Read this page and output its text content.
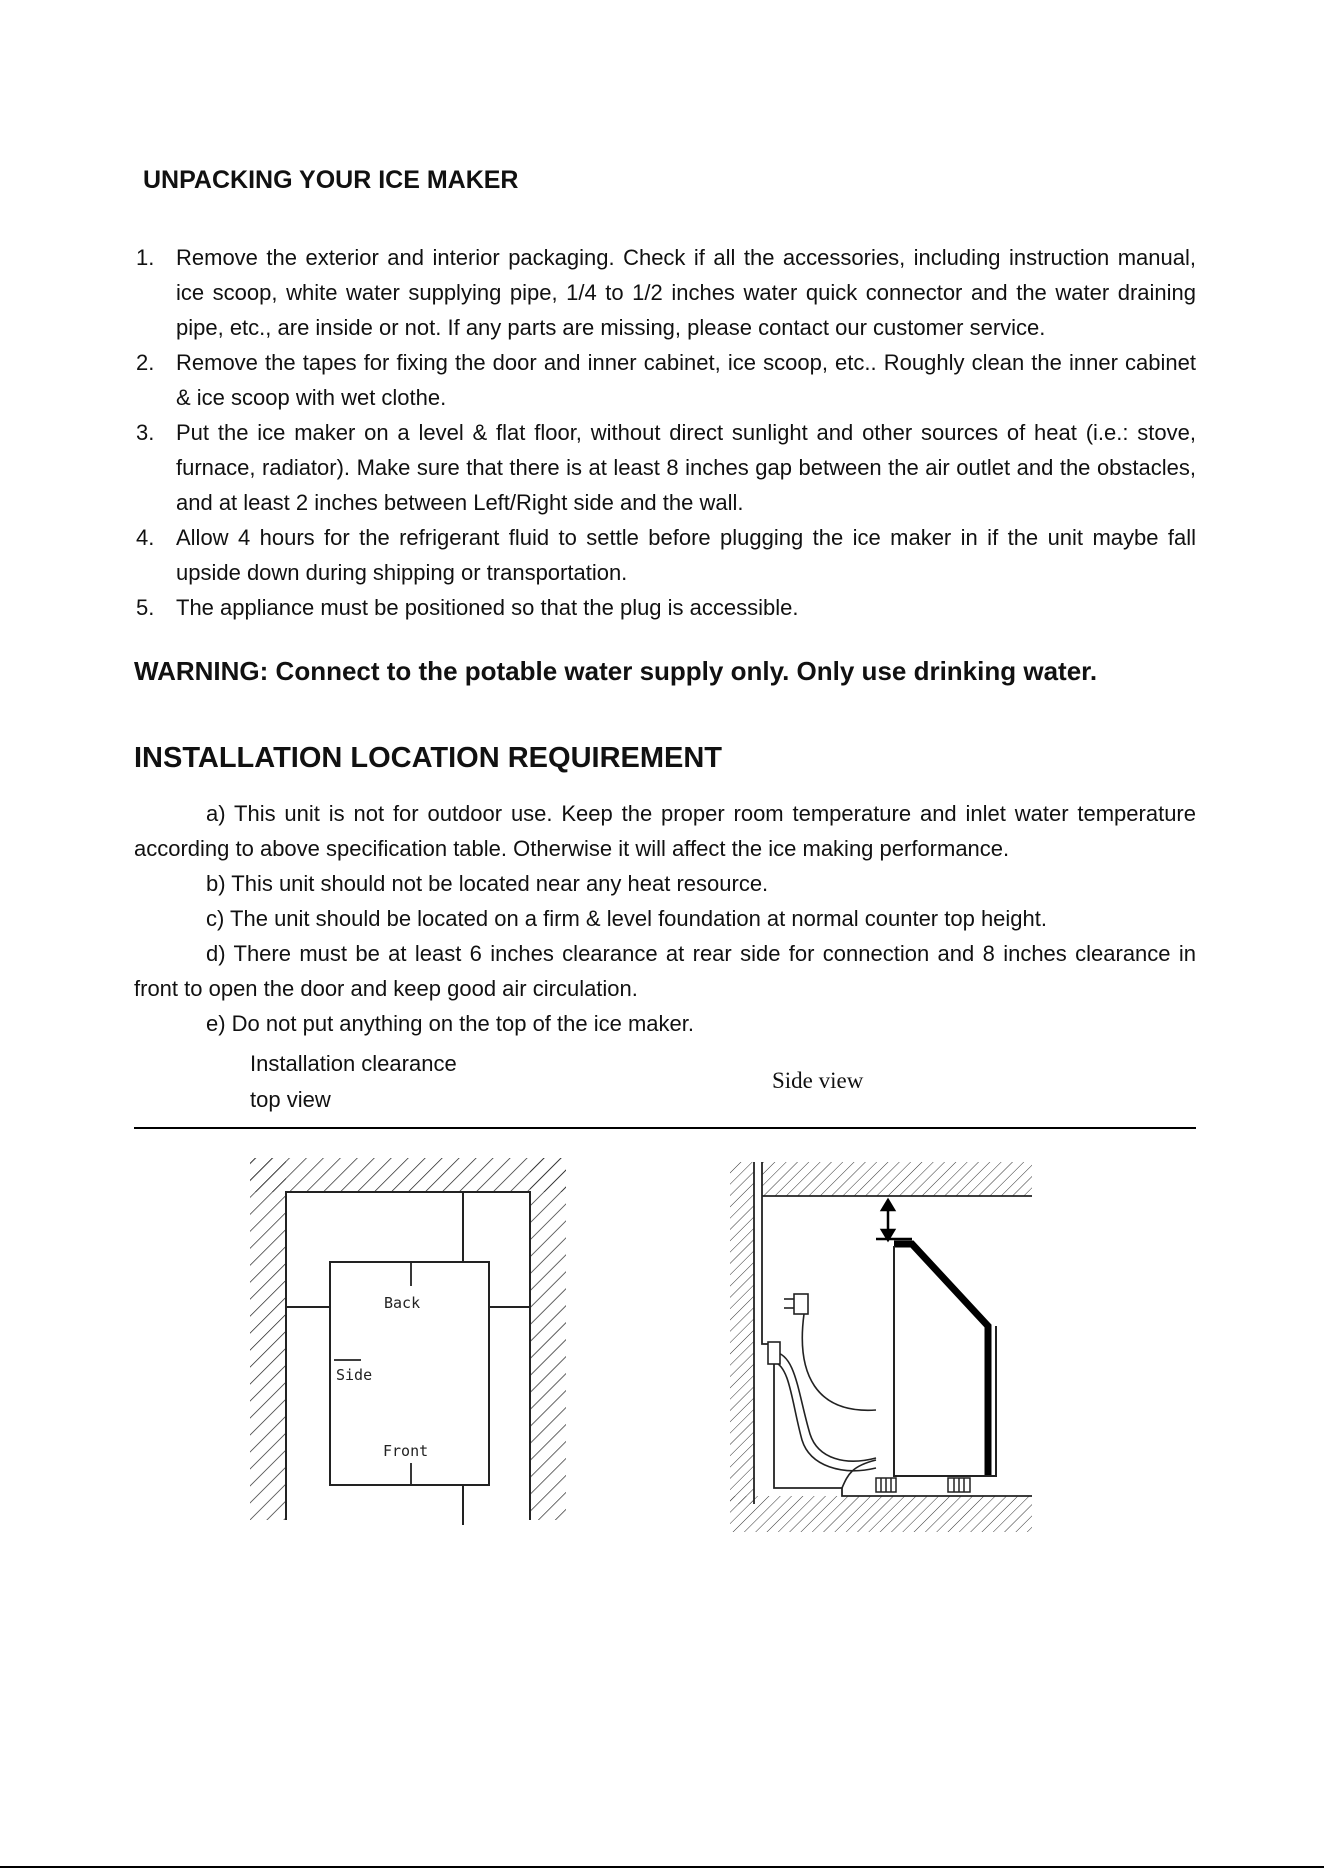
UNPACKING YOUR ICE MAKER
1. Remove the exterior and interior packaging. Check if all the accessories, including instruction manual, ice scoop, white water supplying pipe, 1/4 to 1/2 inches water quick connector and the water draining pipe, etc., are inside or not. If any parts are missing, please contact our customer service.
2. Remove the tapes for fixing the door and inner cabinet, ice scoop, etc.. Roughly clean the inner cabinet & ice scoop with wet clothe.
3. Put the ice maker on a level & flat floor, without direct sunlight and other sources of heat (i.e.: stove, furnace, radiator). Make sure that there is at least 8 inches gap between the air outlet and the obstacles, and at least 2 inches between Left/Right side and the wall.
4. Allow 4 hours for the refrigerant fluid to settle before plugging the ice maker in if the unit maybe fall upside down during shipping or transportation.
5. The appliance must be positioned so that the plug is accessible.
WARNING: Connect to the potable water supply only. Only use drinking water.
INSTALLATION LOCATION REQUIREMENT

a) This unit is not for outdoor use. Keep the proper room temperature and inlet water temperature according to above specification table. Otherwise it will affect the ice making performance.

b) This unit should not be located near any heat resource.

c) The unit should be located on a firm & level foundation at normal counter top height.

d) There must be at least 6 inches clearance at rear side for connection and 8 inches clearance in front to open the door and keep good air circulation.

e) Do not put anything on the top of the ice maker.

Installation clearance
top view
Side view
Back
Side
Front
